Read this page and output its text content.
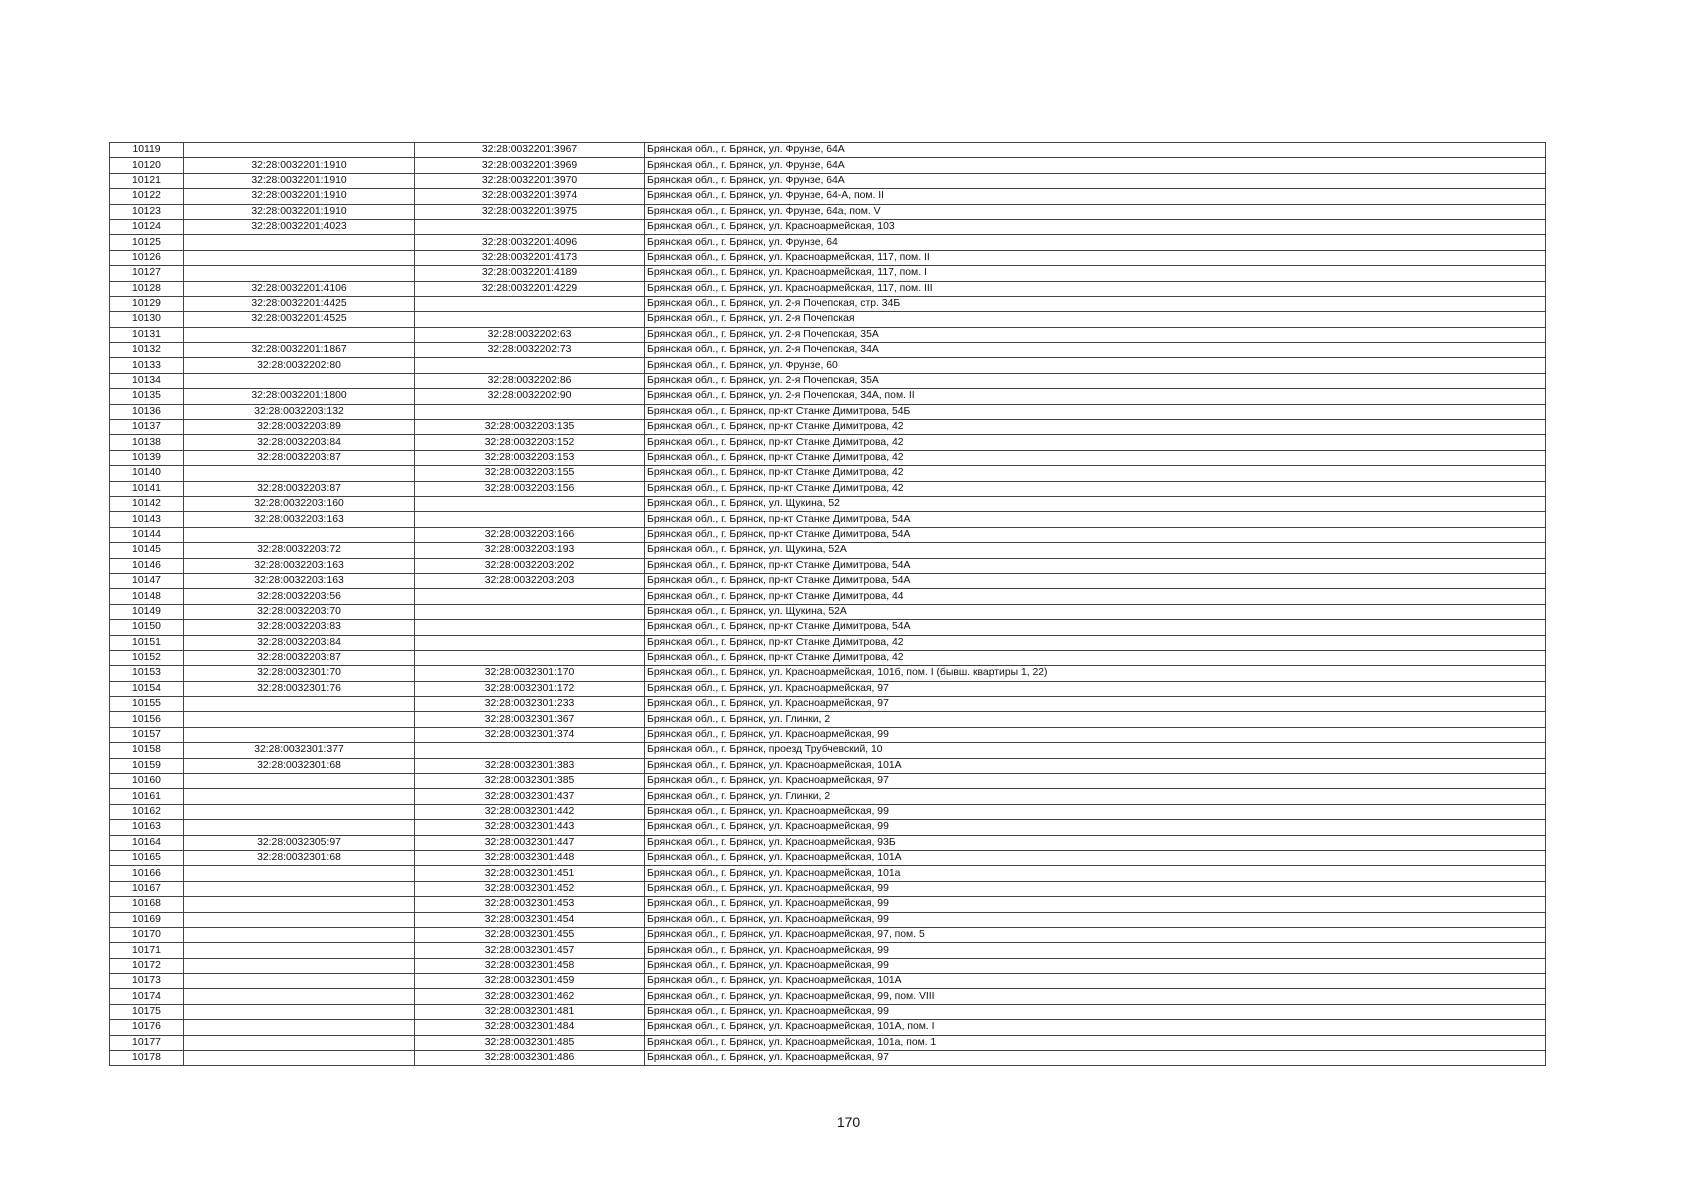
10119		32:28:0032201:3967	Брянская обл., г. Брянск, ул. Фрунзе, 64А
10120	32:28:0032201:1910	32:28:0032201:3969	Брянская обл., г. Брянск, ул. Фрунзе, 64А
10121	32:28:0032201:1910	32:28:0032201:3970	Брянская обл., г. Брянск, ул. Фрунзе, 64А
10122	32:28:0032201:1910	32:28:0032201:3974	Брянская обл., г. Брянск, ул. Фрунзе, 64-А, пом. II
10123	32:28:0032201:1910	32:28:0032201:3975	Брянская обл., г. Брянск, ул. Фрунзе, 64а, пом. V
10124	32:28:0032201:4023		Брянская обл., г. Брянск, ул. Красноармейская, 103
10125		32:28:0032201:4096	Брянская обл., г. Брянск, ул. Фрунзе, 64
10126		32:28:0032201:4173	Брянская обл., г. Брянск, ул. Красноармейская, 117, пом. II
10127		32:28:0032201:4189	Брянская обл., г. Брянск, ул. Красноармейская, 117, пом. I
10128	32:28:0032201:4106	32:28:0032201:4229	Брянская обл., г. Брянск, ул. Красноармейская, 117, пом. III
10129	32:28:0032201:4425		Брянская обл., г. Брянск, ул. 2-я Почепская, стр. 34Б
10130	32:28:0032201:4525		Брянская обл., г. Брянск, ул. 2-я Почепская
10131		32:28:0032202:63	Брянская обл., г. Брянск, ул. 2-я Почепская, 35А
10132	32:28:0032201:1867	32:28:0032202:73	Брянская обл., г. Брянск, ул. 2-я Почепская, 34А
10133	32:28:0032202:80		Брянская обл., г. Брянск, ул. Фрунзе, 60
10134		32:28:0032202:86	Брянская обл., г. Брянск, ул. 2-я Почепская, 35А
10135	32:28:0032201:1800	32:28:0032202:90	Брянская обл., г. Брянск, ул. 2-я Почепская, 34А, пом. II
10136	32:28:0032203:132		Брянская обл., г. Брянск, пр-кт Станке Димитрова, 54Б
10137	32:28:0032203:89	32:28:0032203:135	Брянская обл., г. Брянск, пр-кт Станке Димитрова, 42
10138	32:28:0032203:84	32:28:0032203:152	Брянская обл., г. Брянск, пр-кт Станке Димитрова, 42
10139	32:28:0032203:87	32:28:0032203:153	Брянская обл., г. Брянск, пр-кт Станке Димитрова, 42
10140		32:28:0032203:155	Брянская обл., г. Брянск, пр-кт Станке Димитрова, 42
10141	32:28:0032203:87	32:28:0032203:156	Брянская обл., г. Брянск, пр-кт Станке Димитрова, 42
10142	32:28:0032203:160		Брянская обл., г. Брянск, ул. Щукина, 52
10143	32:28:0032203:163		Брянская обл., г. Брянск, пр-кт Станке Димитрова, 54А
10144		32:28:0032203:166	Брянская обл., г. Брянск, пр-кт Станке Димитрова, 54А
10145	32:28:0032203:72	32:28:0032203:193	Брянская обл., г. Брянск, ул. Щукина, 52А
10146	32:28:0032203:163	32:28:0032203:202	Брянская обл., г. Брянск, пр-кт Станке Димитрова, 54А
10147	32:28:0032203:163	32:28:0032203:203	Брянская обл., г. Брянск, пр-кт Станке Димитрова, 54А
10148	32:28:0032203:56		Брянская обл., г. Брянск, пр-кт Станке Димитрова, 44
10149	32:28:0032203:70		Брянская обл., г. Брянск, ул. Щукина, 52А
10150	32:28:0032203:83		Брянская обл., г. Брянск, пр-кт Станке Димитрова, 54А
10151	32:28:0032203:84		Брянская обл., г. Брянск, пр-кт Станке Димитрова, 42
10152	32:28:0032203:87		Брянская обл., г. Брянск, пр-кт Станке Димитрова, 42
10153	32:28:0032301:70	32:28:0032301:170	Брянская обл., г. Брянск, ул. Красноармейская, 101б, пом. I (бывш. квартиры 1, 22)
10154	32:28:0032301:76	32:28:0032301:172	Брянская обл., г. Брянск, ул. Красноармейская, 97
10155		32:28:0032301:233	Брянская обл., г. Брянск, ул. Красноармейская, 97
10156		32:28:0032301:367	Брянская обл., г. Брянск, ул. Глинки, 2
10157		32:28:0032301:374	Брянская обл., г. Брянск, ул. Красноармейская, 99
10158	32:28:0032301:377		Брянская обл., г. Брянск, проезд Трубчевский, 10
10159	32:28:0032301:68	32:28:0032301:383	Брянская обл., г. Брянск, ул. Красноармейская, 101А
10160		32:28:0032301:385	Брянская обл., г. Брянск, ул. Красноармейская, 97
10161		32:28:0032301:437	Брянская обл., г. Брянск, ул. Глинки, 2
10162		32:28:0032301:442	Брянская обл., г. Брянск, ул. Красноармейская, 99
10163		32:28:0032301:443	Брянская обл., г. Брянск, ул. Красноармейская, 99
10164	32:28:0032305:97	32:28:0032301:447	Брянская обл., г. Брянск, ул. Красноармейская, 93Б
10165	32:28:0032301:68	32:28:0032301:448	Брянская обл., г. Брянск, ул. Красноармейская, 101А
10166		32:28:0032301:451	Брянская обл., г. Брянск, ул. Красноармейская, 101а
10167		32:28:0032301:452	Брянская обл., г. Брянск, ул. Красноармейская, 99
10168		32:28:0032301:453	Брянская обл., г. Брянск, ул. Красноармейская, 99
10169		32:28:0032301:454	Брянская обл., г. Брянск, ул. Красноармейская, 99
10170		32:28:0032301:455	Брянская обл., г. Брянск, ул. Красноармейская, 97, пом. 5
10171		32:28:0032301:457	Брянская обл., г. Брянск, ул. Красноармейская, 99
10172		32:28:0032301:458	Брянская обл., г. Брянск, ул. Красноармейская, 99
10173		32:28:0032301:459	Брянская обл., г. Брянск, ул. Красноармейская, 101А
10174		32:28:0032301:462	Брянская обл., г. Брянск, ул. Красноармейская, 99, пом. VIII
10175		32:28:0032301:481	Брянская обл., г. Брянск, ул. Красноармейская, 99
10176		32:28:0032301:484	Брянская обл., г. Брянск, ул. Красноармейская, 101А, пом. I
10177		32:28:0032301:485	Брянская обл., г. Брянск, ул. Красноармейская, 101а, пом. 1
10178		32:28:0032301:486	Брянская обл., г. Брянск, ул. Красноармейская, 97
170
